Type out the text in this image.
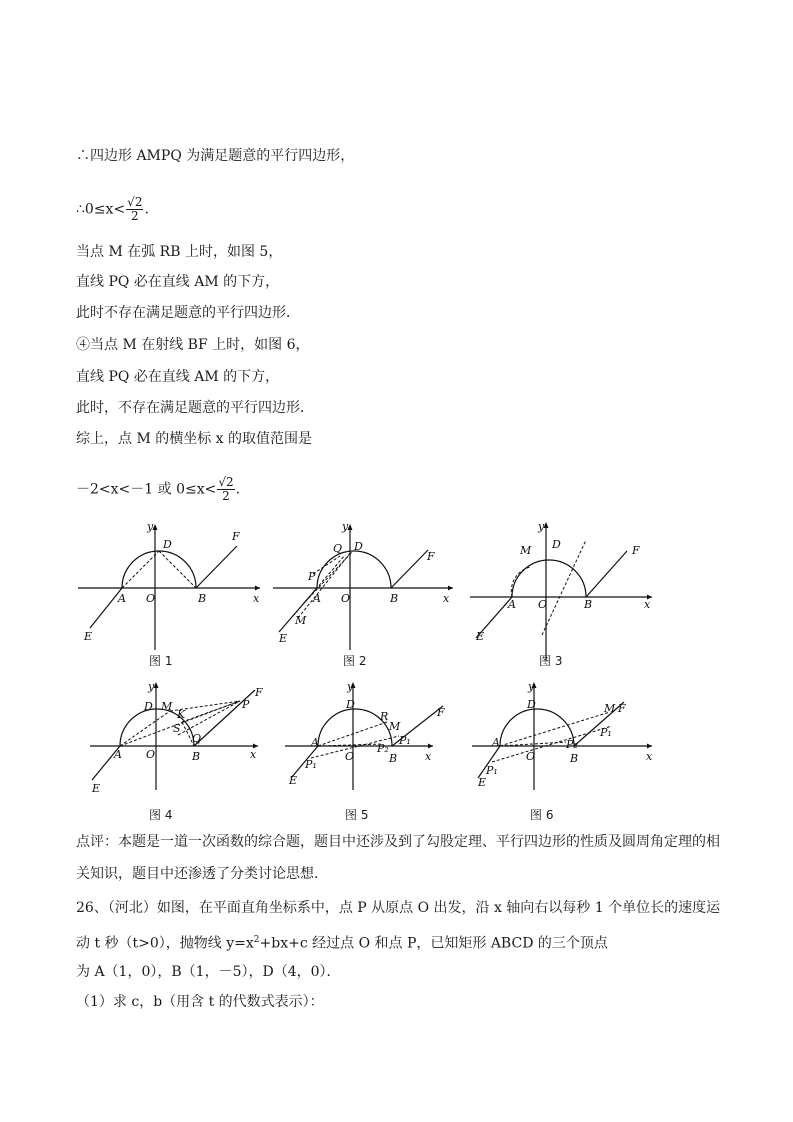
∴四边形 AMPQ 为满足题意的平行四边形，
∴0≤x< $\frac{√2}{2}$ .
当点 M 在弧 RB 上时，如图 5，
直线 PQ 必在直线 AM 的下方，
此时不存在满足题意的平行四边形．
④当点 M 在射线 BF 上时，如图 6，
直线 PQ 必在直线 AM 的下方，
此时，不存在满足题意的平行四边形．
综上，点 M 的横坐标 x 的取值范围是
－2<x<－1 或 $0\le x< \frac{√2}{2}$ .
y
D
F
A O	B	x
E
图 1
y
Q D
F
P
A O	B	x
M
E
图 2
y
M D	F
A O	B	x
E
图 3
y
D M
K
S
F
P
Q
A O	B	x
E
图 4
y
D
R
M
F
P₁
A	P₂
P₁
O	B	x
E
图 5
y
D	M F
P₁
A	P₂
P₁
O	B	x
E
图 6
点评：本题是一道一次函数的综合题，题目中还涉及到了勾股定理、平行四边形的性质及圆周角定理的相关知识，题目中还渗透了分类讨论思想．
26、（河北）如图，在平面直角坐标系中，点 P 从原点 O 出发，沿 x 轴向右以每秒 1 个单位长的速度运动 t 秒（t>0），抛物线 $y=x^2+bx+c$ 经过点 O 和点 P，已知矩形 ABCD 的三个顶点
为 A（1，0），B（1，－5），D（4，0）．
（1）求 c，b（用含 t 的代数式表示）：
